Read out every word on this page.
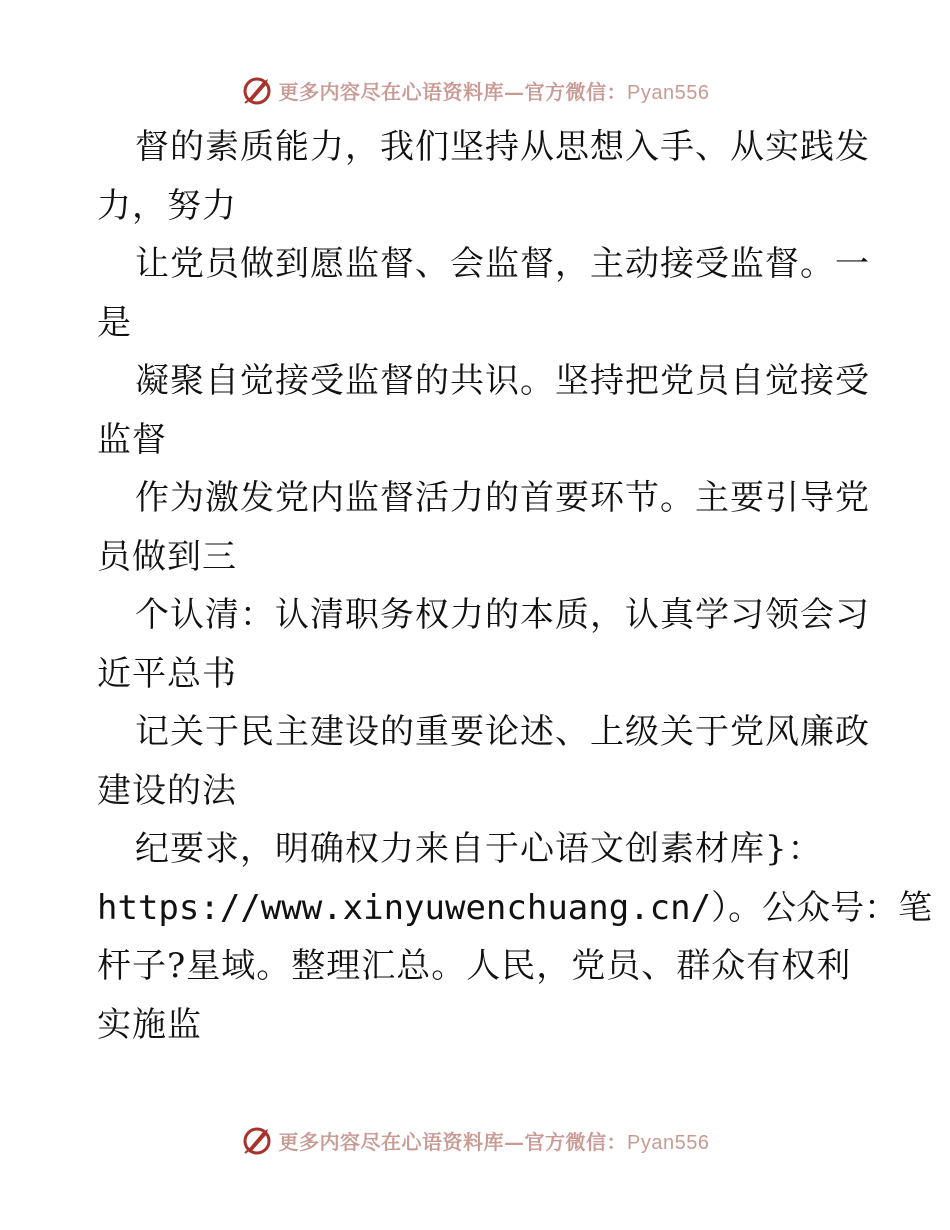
更多内容尽在心语资料库—官方微信：Pyan556
督的素质能力，我们坚持从思想入手、从实践发
力，努力
让党员做到愿监督、会监督，主动接受监督。一
是
凝聚自觉接受监督的共识。坚持把党员自觉接受
监督
作为激发党内监督活力的首要环节。主要引导党
员做到三
个认清：认清职务权力的本质，认真学习领会习
近平总书
记关于民主建设的重要论述、上级关于党风廉政
建设的法
纪要求，明确权力来自于心语文创素材库}：
https://www.xinyuwenchuang.cn/）。公众号：笔
杆子?星域。整理汇总。人民，党员、群众有权利
实施监
更多内容尽在心语资料库—官方微信：Pyan556
